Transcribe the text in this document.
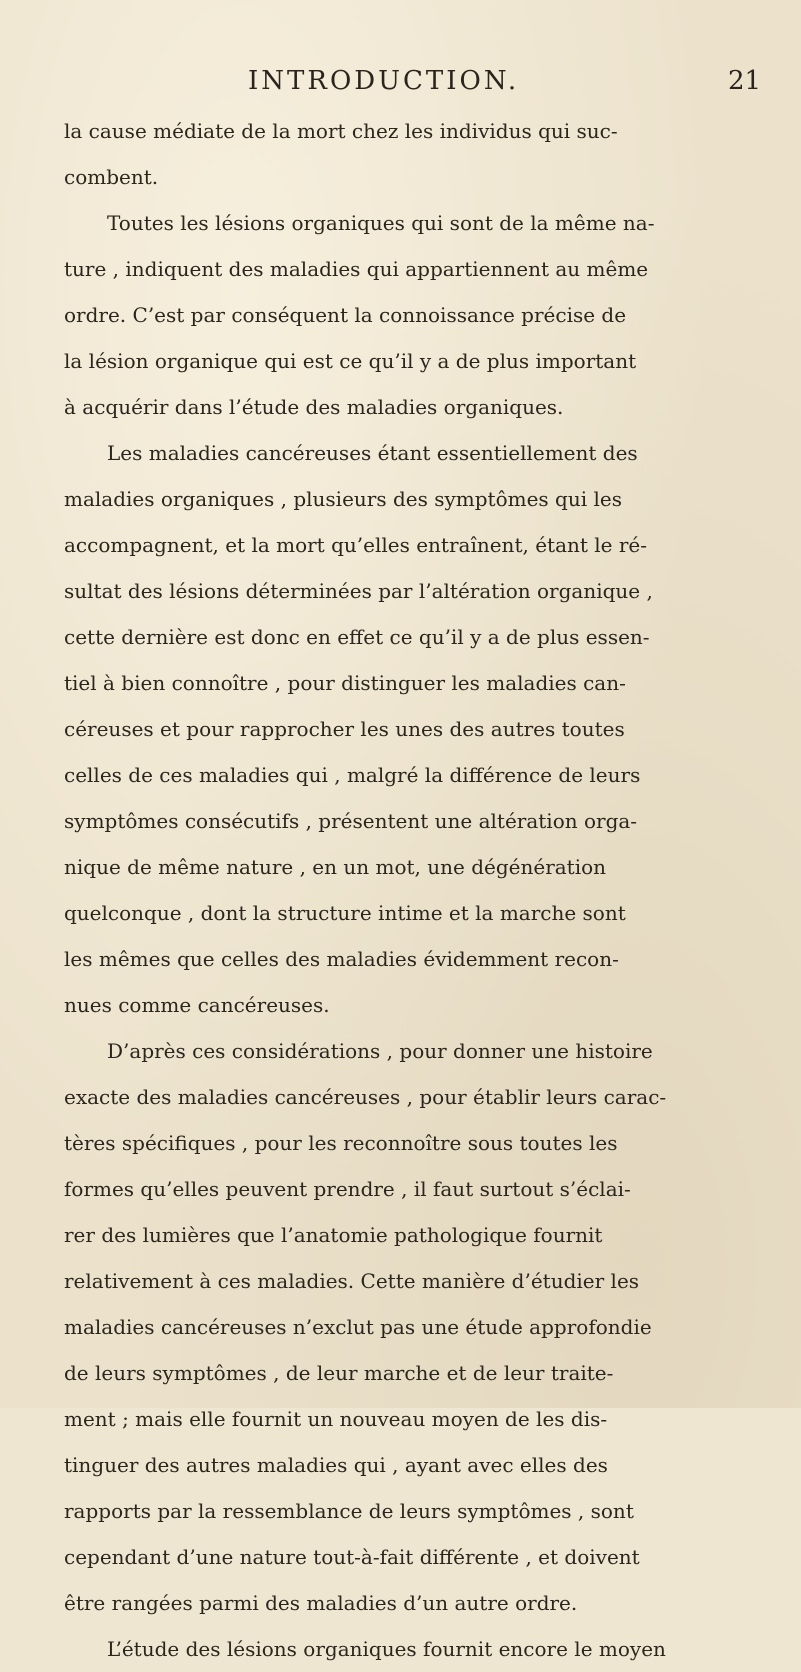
INTRODUCTION.	21
la cause médiate de la mort chez les individus qui suc-
combent.
Toutes les lésions organiques qui sont de la même na-
ture , indiquent des maladies qui appartiennent au même
ordre. C’est par conséquent la connoissance précise de
la lésion organique qui est ce qu’il y a de plus important
à acquérir dans l’étude des maladies organiques.
Les maladies cancéreuses étant essentiellement des
maladies organiques , plusieurs des symptômes qui les
accompagnent, et la mort qu’elles entraînent, étant le ré-
sultat des lésions déterminées par l’altération organique ,
cette dernière est donc en effet ce qu’il y a de plus essen-
tiel à bien connoître , pour distinguer les maladies can-
céreuses et pour rapprocher les unes des autres toutes
celles de ces maladies qui , malgré la différence de leurs
symptômes consécutifs , présentent une altération orga-
nique de même nature , en un mot, une dégénération
quelconque , dont la structure intime et la marche sont
les mêmes que celles des maladies évidemment recon-
nues comme cancéreuses.
D’après ces considérations , pour donner une histoire
exacte des maladies cancéreuses , pour établir leurs carac-
tères spécifiques , pour les reconnoître sous toutes les
formes qu’elles peuvent prendre , il faut surtout s’éclai-
rer des lumières que l’anatomie pathologique fournit
relativement à ces maladies. Cette manière d’étudier les
maladies cancéreuses n’exclut pas une étude approfondie
de leurs symptômes , de leur marche et de leur traite-
ment ; mais elle fournit un nouveau moyen de les dis-
tinguer des autres maladies qui , ayant avec elles des
rapports par la ressemblance de leurs symptômes , sont
cependant d’une nature tout-à-fait différente , et doivent
être rangées parmi des maladies d’un autre ordre.
L’étude des lésions organiques fournit encore le moyen
